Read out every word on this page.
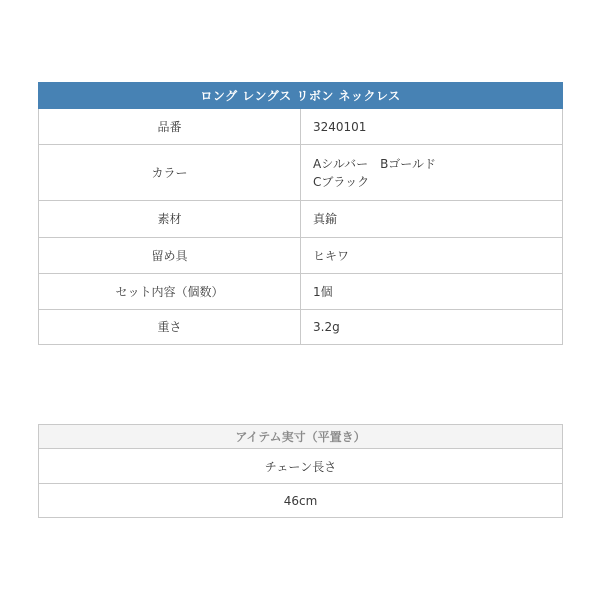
ロング レングス リボン ネックレス	
品番	3240101

カラー	Aシルバー　Bゴールド
Cブラック

素材	真鍮

留め具	ヒキワ

セット内容（個数）	1個

重さ	3.2g
アイテム実寸（平置き）
チェーン長さ
46cm
